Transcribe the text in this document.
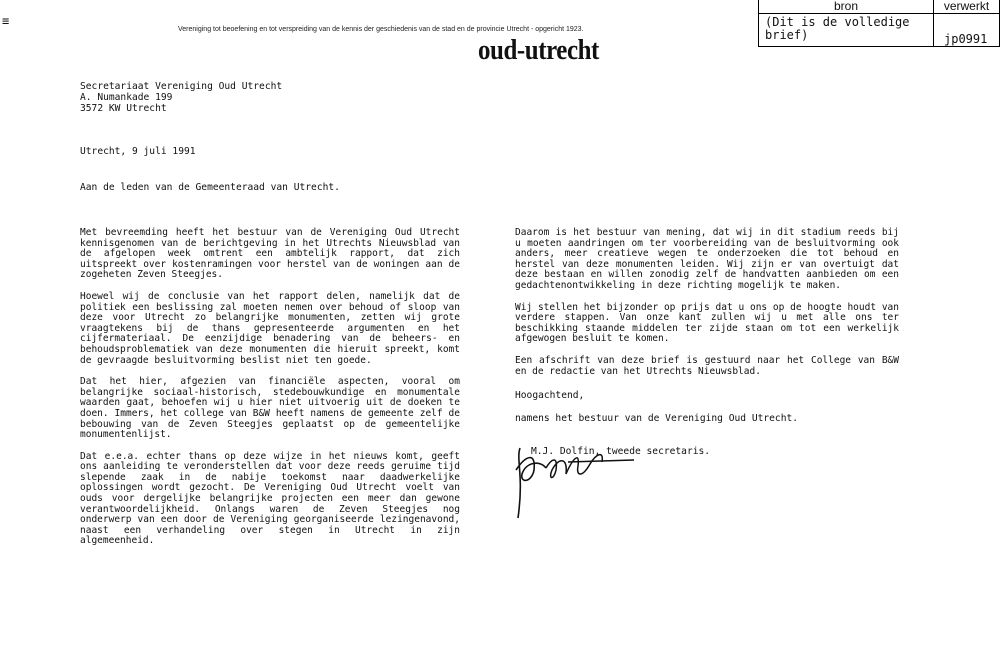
≡
Vereniging tot beoefening en tot verspreiding van de kennis der geschiedenis van de stad en de provincie Utrecht - opgericht 1923.
oud-utrecht
bron	verwerkt
(Dit is de volledige brief)	jp0991
Secretariaat Vereniging Oud Utrecht
A. Numankade 199
3572 KW Utrecht
Utrecht, 9 juli 1991
Aan de leden van de Gemeenteraad van Utrecht.

Met bevreemding heeft het bestuur van de Vereniging Oud Utrecht kennisgenomen van de berichtgeving in het Utrechts Nieuwsblad van de afgelopen week omtrent een ambtelijk rapport, dat zich uitspreekt over kostenramingen voor herstel van de woningen aan de zogeheten Zeven Steegjes.

Hoewel wij de conclusie van het rapport delen, namelijk dat de politiek een beslissing zal moeten nemen over behoud of sloop van deze voor Utrecht zo belangrijke monumenten, zetten wij grote vraagtekens bij de thans gepresenteerde argumenten en het cijfermateriaal. De eenzijdige benadering van de beheers- en behoudsproblematiek van deze monumenten die hieruit spreekt, komt de gevraagde besluitvorming beslist niet ten goede.

Dat het hier, afgezien van financiële aspecten, vooral om belangrijke sociaal-historisch, stedebouwkundige en monumentale waarden gaat, behoefen wij u hier niet uitvoerig uit de doeken te doen. Immers, het college van B&W heeft namens de gemeente zelf de bebouwing van de Zeven Steegjes geplaatst op de gemeentelijke monumentenlijst.

Dat e.e.a. echter thans op deze wijze in het nieuws komt, geeft ons aanleiding te veronderstellen dat voor deze reeds geruime tijd slepende zaak in de nabije toekomst naar daadwerkelijke oplossingen wordt gezocht. De Vereniging Oud Utrecht voelt van ouds voor dergelijke belangrijke projecten een meer dan gewone verantwoordelijkheid. Onlangs waren de Zeven Steegjes nog onderwerp van een door de Vereniging georganiseerde lezingenavond, naast een verhandeling over stegen in Utrecht in zijn algemeenheid.

Daarom is het bestuur van mening, dat wij in dit stadium reeds bij u moeten aandringen om ter voorbereiding van de besluitvorming ook anders, meer creatieve wegen te onderzoeken die tot behoud en herstel van deze monumenten leiden. Wij zijn er van overtuigt dat deze bestaan en willen zonodig zelf de handvatten aanbieden om een gedachtenontwikkeling in deze richting mogelijk te maken.

Wij stellen het bijzonder op prijs dat u ons op de hoogte houdt van verdere stappen. Van onze kant zullen wij u met alle ons ter beschikking staande middelen ter zijde staan om tot een werkelijk afgewogen besluit te komen.

Een afschrift van deze brief is gestuurd naar het College van B&W en de redactie van het Utrechts Nieuwsblad.

Hoogachtend,
namens het bestuur van de Vereniging Oud Utrecht.
M.J. Dolfin, tweede secretaris.
